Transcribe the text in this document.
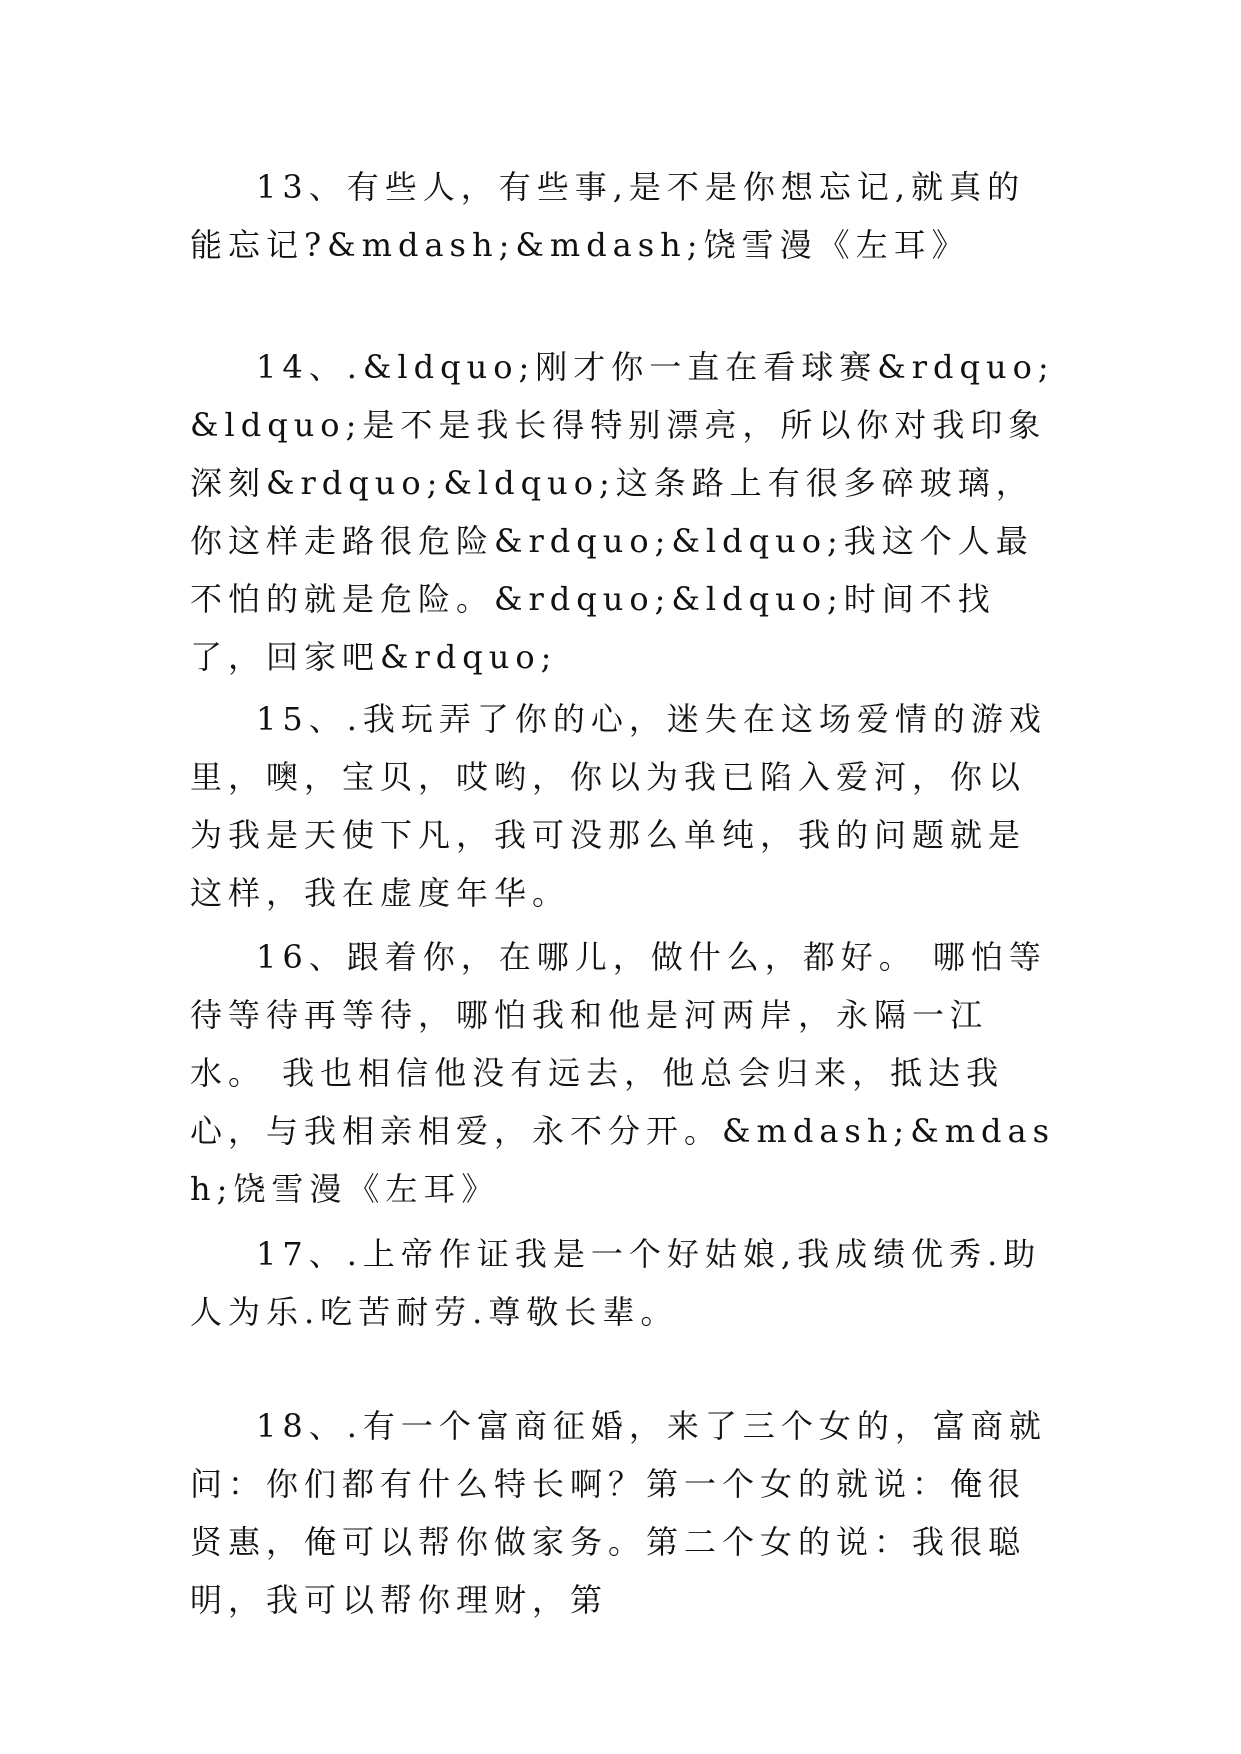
13、有些人，有些事,是不是你想忘记,就真的能忘记?&mdash;&mdash;饶雪漫《左耳》

14、.&ldquo;刚才你一直在看球赛&rdquo;&ldquo;是不是我长得特别漂亮，所以你对我印象深刻&rdquo;&ldquo;这条路上有很多碎玻璃，你这样走路很危险&rdquo;&ldquo;我这个人最不怕的就是危险。&rdquo;&ldquo;时间不找了，回家吧&rdquo;

15、.我玩弄了你的心，迷失在这场爱情的游戏里，噢，宝贝，哎哟，你以为我已陷入爱河，你以为我是天使下凡，我可没那么单纯，我的问题就是这样，我在虚度年华。

16、跟着你，在哪儿，做什么，都好。 哪怕等待等待再等待，哪怕我和他是河两岸，永隔一江水。 我也相信他没有远去，他总会归来，抵达我心，与我相亲相爱，永不分开。&mdash;&mdash;饶雪漫《左耳》

17、.上帝作证我是一个好姑娘,我成绩优秀.助人为乐.吃苦耐劳.尊敬长辈。

18、.有一个富商征婚，来了三个女的，富商就问：你们都有什么特长啊？第一个女的就说：俺很贤惠，俺可以帮你做家务。第二个女的说：我很聪明，我可以帮你理财，第
